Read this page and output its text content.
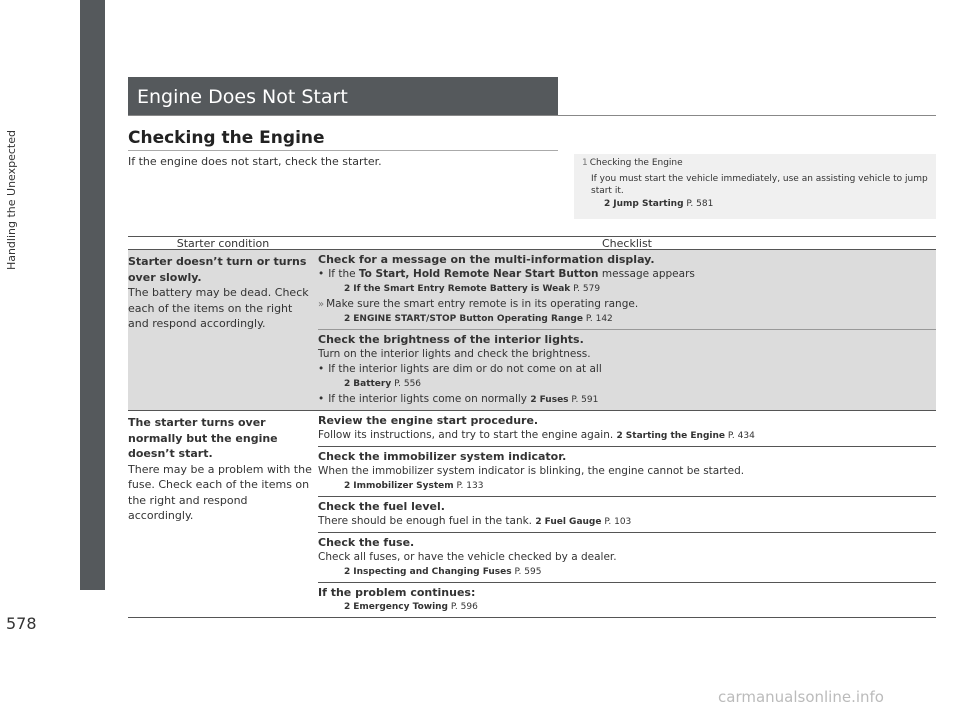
Handling the Unexpected
578
Engine Does Not Start
Checking the Engine
If the engine does not start, check the starter.	1 Checking the Engine
If you must start the vehicle immediately, use an assisting vehicle to jump start it.
2 Jump Starting P. 581
Starter condition	Checklist
Starter doesn’t turn or turns over slowly.
The battery may be dead. Check each of the items on the right and respond accordingly.
Check for a message on the multi-information display.
• If the To Start, Hold Remote Near Start Button message appears
2 If the Smart Entry Remote Battery is Weak P. 579
» Make sure the smart entry remote is in its operating range.
2 ENGINE START/STOP Button Operating Range P. 142
Check the brightness of the interior lights.
Turn on the interior lights and check the brightness.
• If the interior lights are dim or do not come on at all
2 Battery P. 556
• If the interior lights come on normally 2 Fuses P. 591
The starter turns over normally but the engine doesn’t start.
There may be a problem with the fuse. Check each of the items on the right and respond accordingly.
Review the engine start procedure.
Follow its instructions, and try to start the engine again. 2 Starting the Engine P. 434
Check the immobilizer system indicator.
When the immobilizer system indicator is blinking, the engine cannot be started.
2 Immobilizer System P. 133
Check the fuel level.
There should be enough fuel in the tank. 2 Fuel Gauge P. 103
Check the fuse.
Check all fuses, or have the vehicle checked by a dealer.
2 Inspecting and Changing Fuses P. 595
If the problem continues:
2 Emergency Towing P. 596
carmanualsonline.info
